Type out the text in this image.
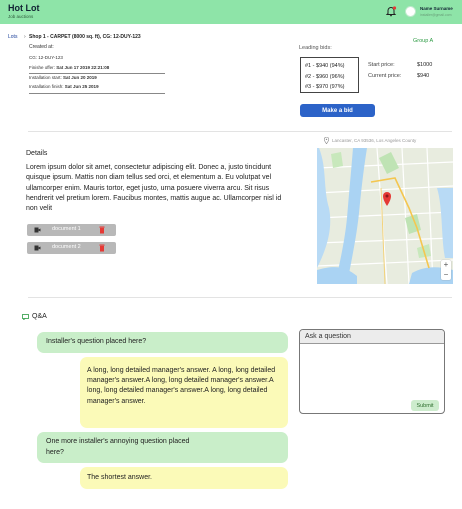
Hot Lot
Job auctions
Name Surname
installer@gmail.com
Lots › Shop 1 - CARPET (8000 sq. ft), CG: 12-DUY-123
Created at:
CG: 12-DUY-123
Finishe offer: Sat Jun 17 2019 22:21:08
Installation start: Sat Jun 20 2019
Installation finish: Sat Jun 25 2019
Group A
Leading bids:
#1 - $940 (94%)
#2 - $960 (96%)
#3 - $970 (97%)
Start price:	$1000
Current price:	$940
Make a bid
Details
Lorem ipsum dolor sit amet, consectetur adipiscing elit. Donec a, justo tincidunt quisque ipsum. Mattis non diam tellus sed orci, et elementum a. Eu volutpat vel ullamcorper enim. Mauris tortor, eget justo, urna posuere viverra arcu. Sit risus hendrerit vel pretium lorem. Faucibus montes, mattis augue ac. Ullamcorper nisl id non velit
document 1
document 2
Lancaster, CA 93536, Los Angeles County
+
−
Q&A
Installer's question placed here?
A long, long detailed manager's answer. A long, long detailed manager's answer.A long, long detailed manager's answer.A long, long detailed manager's answer.A long, long detailed manager's answer.
One more installer's annoying question placed here?
The shortest answer.
Ask a question
Submit
